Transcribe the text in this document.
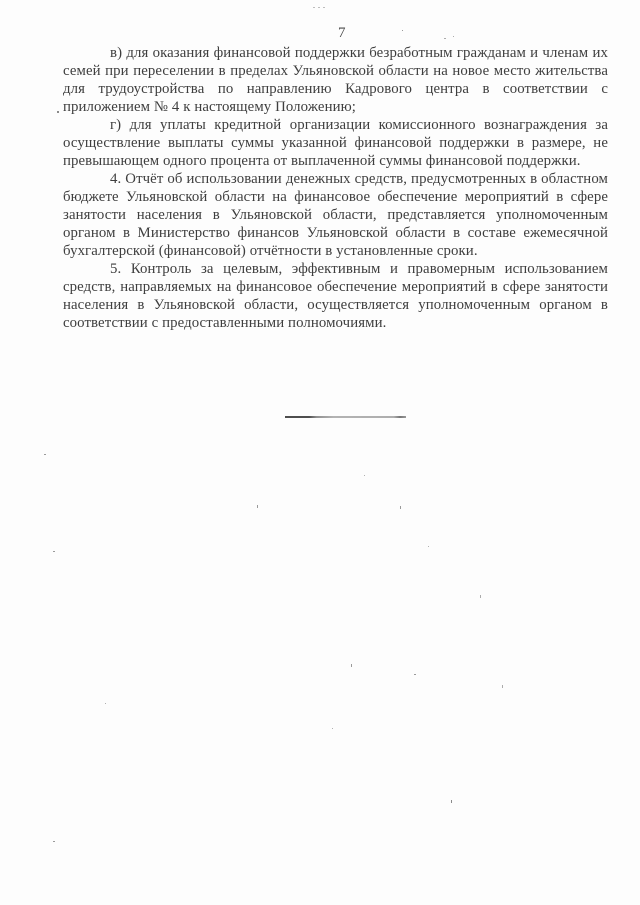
7

в) для оказания финансовой поддержки безработным гражданам и членам их семей при переселении в пределах Ульяновской области на новое место жительства для трудоустройства по направлению Кадрового центра в соответствии с приложением № 4 к настоящему Положению;

г) для уплаты кредитной организации комиссионного вознаграждения за осуществление выплаты суммы указанной финансовой поддержки в размере, не превышающем одного процента от выплаченной суммы финансовой поддержки.

4. Отчёт об использовании денежных средств, предусмотренных в областном бюджете Ульяновской области на финансовое обеспечение мероприятий в сфере занятости населения в Ульяновской области, представляется уполномоченным органом в Министерство финансов Ульяновской области в составе ежемесячной бухгалтерской (финансовой) отчётности в установленные сроки.

5. Контроль за целевым, эффективным и правомерным использованием средств, направляемых на финансовое обеспечение мероприятий в сфере занятости населения в Ульяновской области, осуществляется уполномоченным органом в соответствии с предоставленными полномочиями.
